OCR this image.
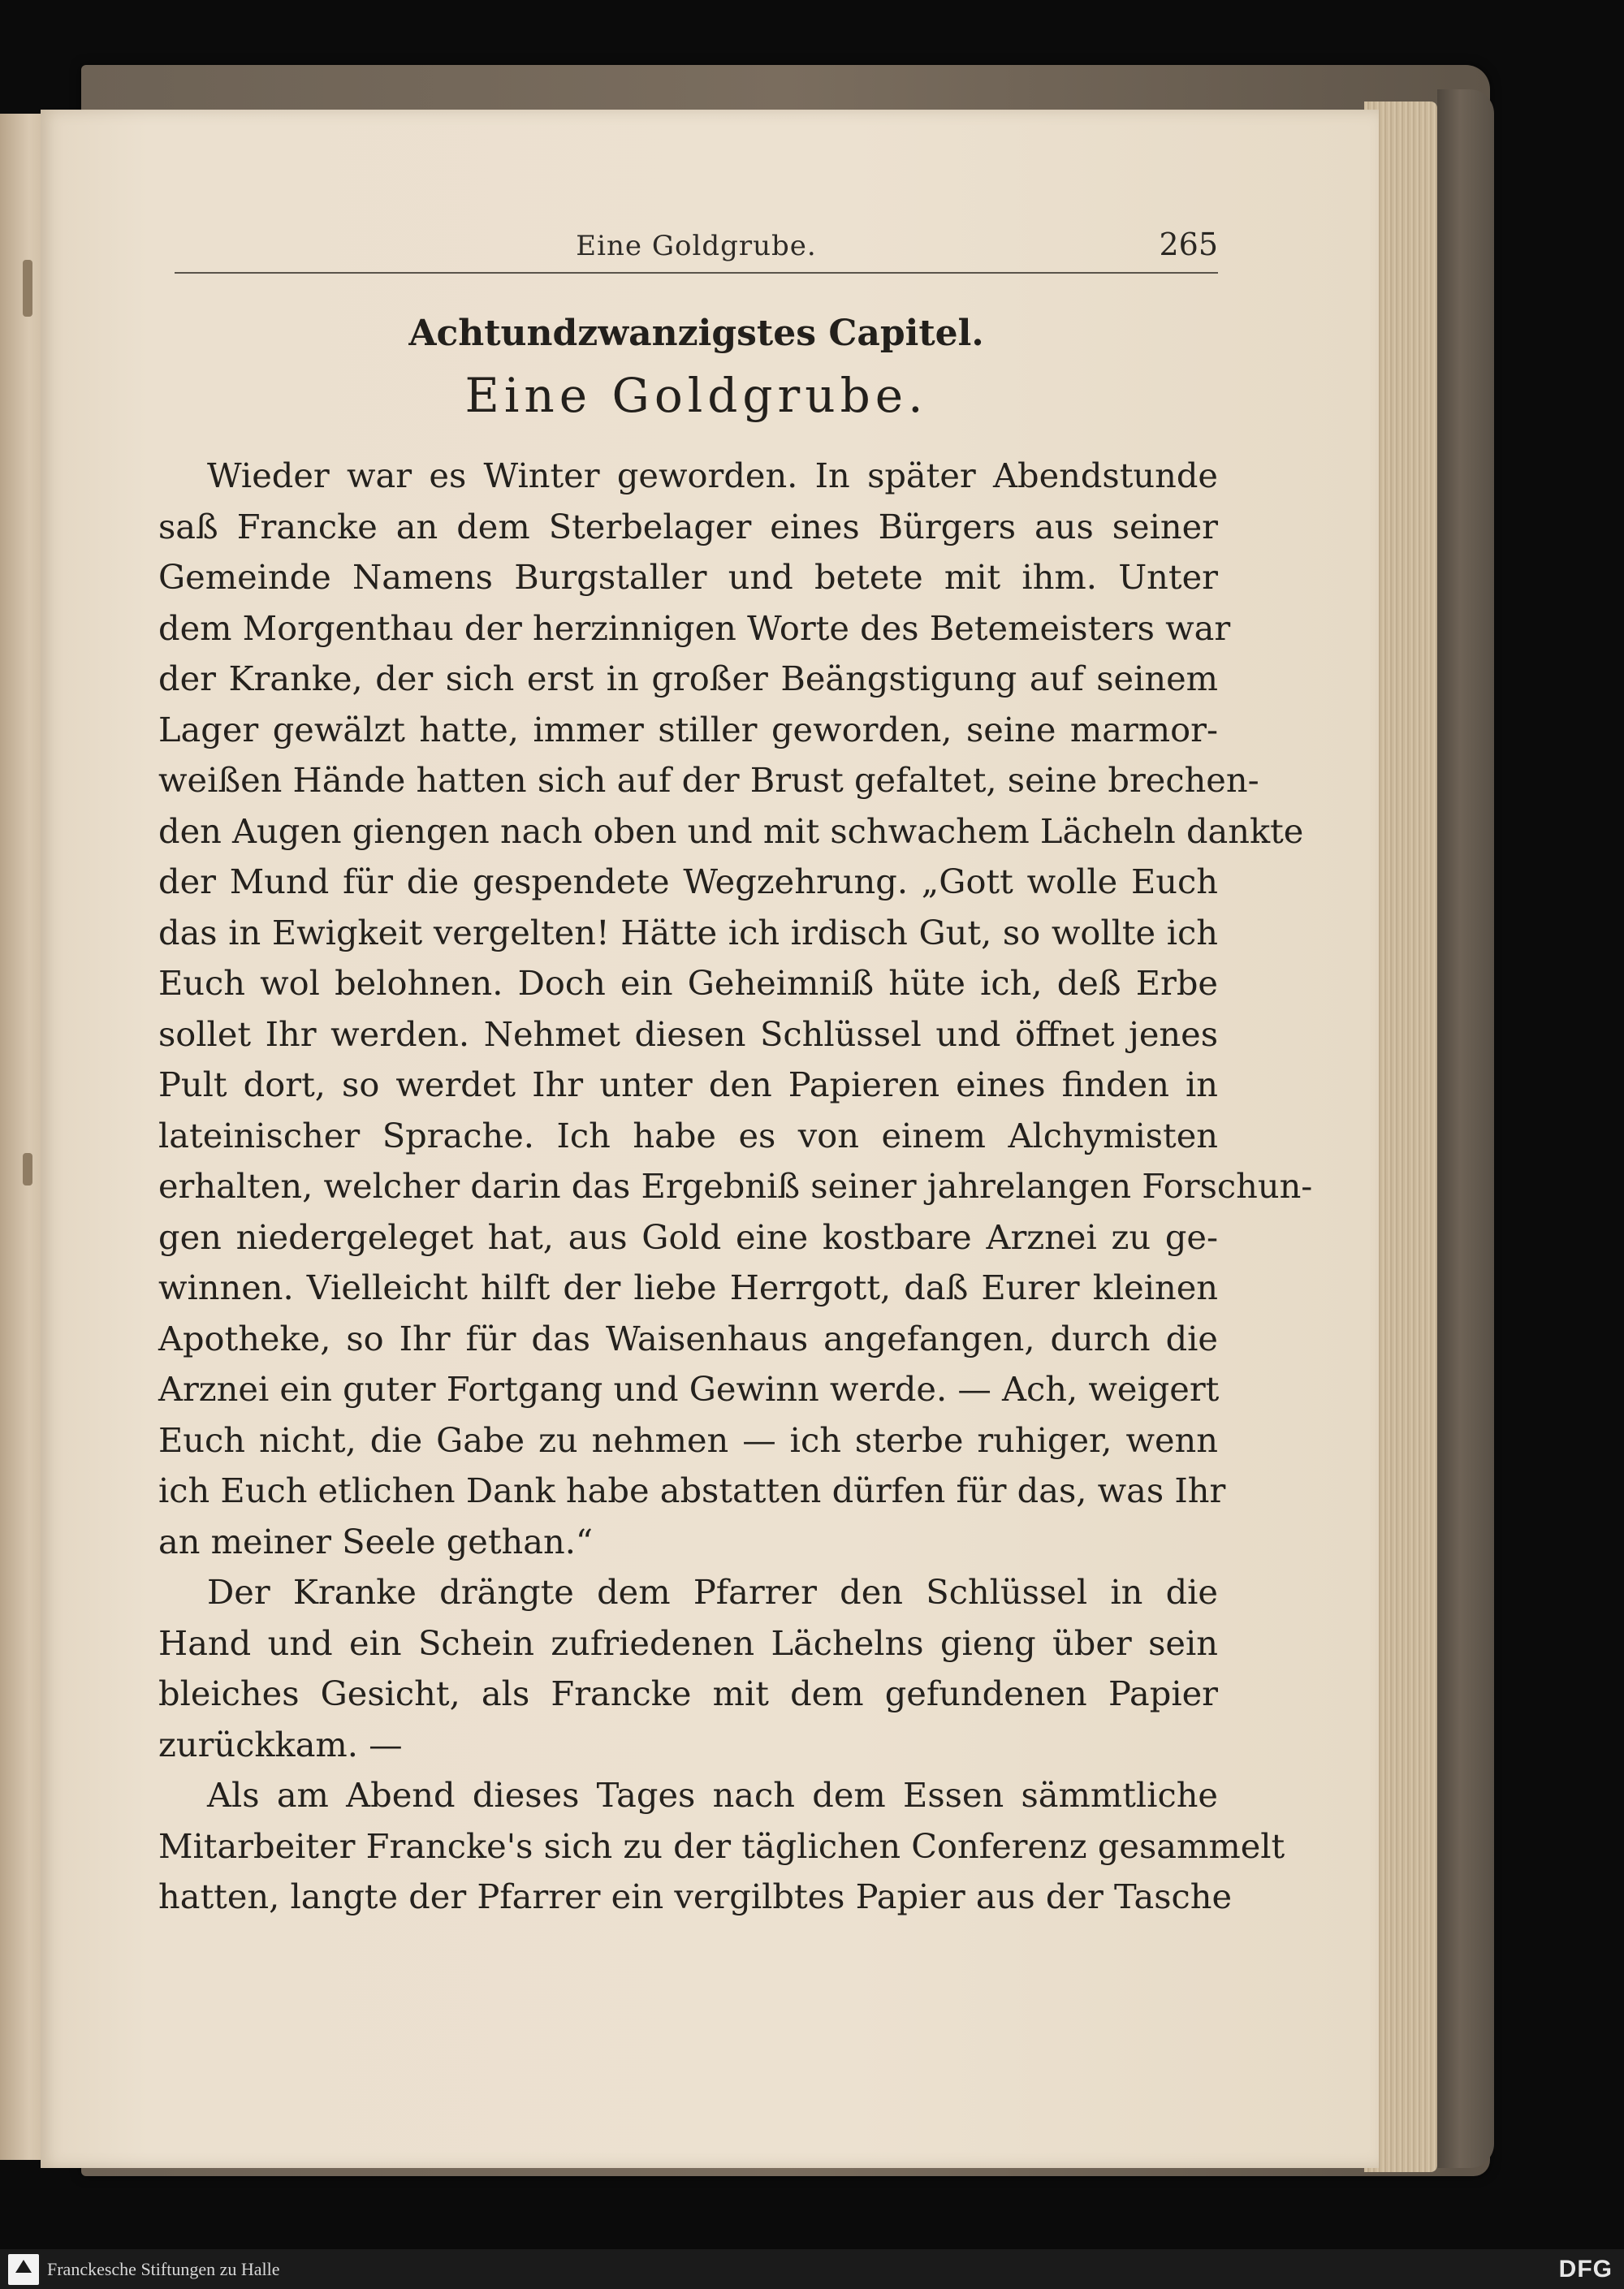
Eine Goldgrube.	265
Achtundzwanzigstes Capitel.
Eine Goldgrube.

Wieder war es Winter geworden. In später Abendstunde
saß Francke an dem Sterbelager eines Bürgers aus seiner
Gemeinde Namens Burgstaller und betete mit ihm. Unter
dem Morgenthau der herzinnigen Worte des Betemeisters war
der Kranke, der sich erst in großer Beängstigung auf seinem
Lager gewälzt hatte, immer stiller geworden, seine marmor-
weißen Hände hatten sich auf der Brust gefaltet, seine brechen-
den Augen giengen nach oben und mit schwachem Lächeln dankte
der Mund für die gespendete Wegzehrung. „Gott wolle Euch
das in Ewigkeit vergelten! Hätte ich irdisch Gut, so wollte ich
Euch wol belohnen. Doch ein Geheimniß hüte ich, deß Erbe
sollet Ihr werden. Nehmet diesen Schlüssel und öffnet jenes
Pult dort, so werdet Ihr unter den Papieren eines finden in
lateinischer Sprache. Ich habe es von einem Alchymisten
erhalten, welcher darin das Ergebniß seiner jahrelangen Forschun-
gen niedergeleget hat, aus Gold eine kostbare Arznei zu ge-
winnen. Vielleicht hilft der liebe Herrgott, daß Eurer kleinen
Apotheke, so Ihr für das Waisenhaus angefangen, durch die
Arznei ein guter Fortgang und Gewinn werde. — Ach, weigert
Euch nicht, die Gabe zu nehmen — ich sterbe ruhiger, wenn
ich Euch etlichen Dank habe abstatten dürfen für das, was Ihr
an meiner Seele gethan.“

Der Kranke drängte dem Pfarrer den Schlüssel in die
Hand und ein Schein zufriedenen Lächelns gieng über sein
bleiches Gesicht, als Francke mit dem gefundenen Papier
zurückkam. —

Als am Abend dieses Tages nach dem Essen sämmtliche
Mitarbeiter Francke's sich zu der täglichen Conferenz gesammelt
hatten, langte der Pfarrer ein vergilbtes Papier aus der Tasche

Franckesche Stiftungen zu Halle	DFG
